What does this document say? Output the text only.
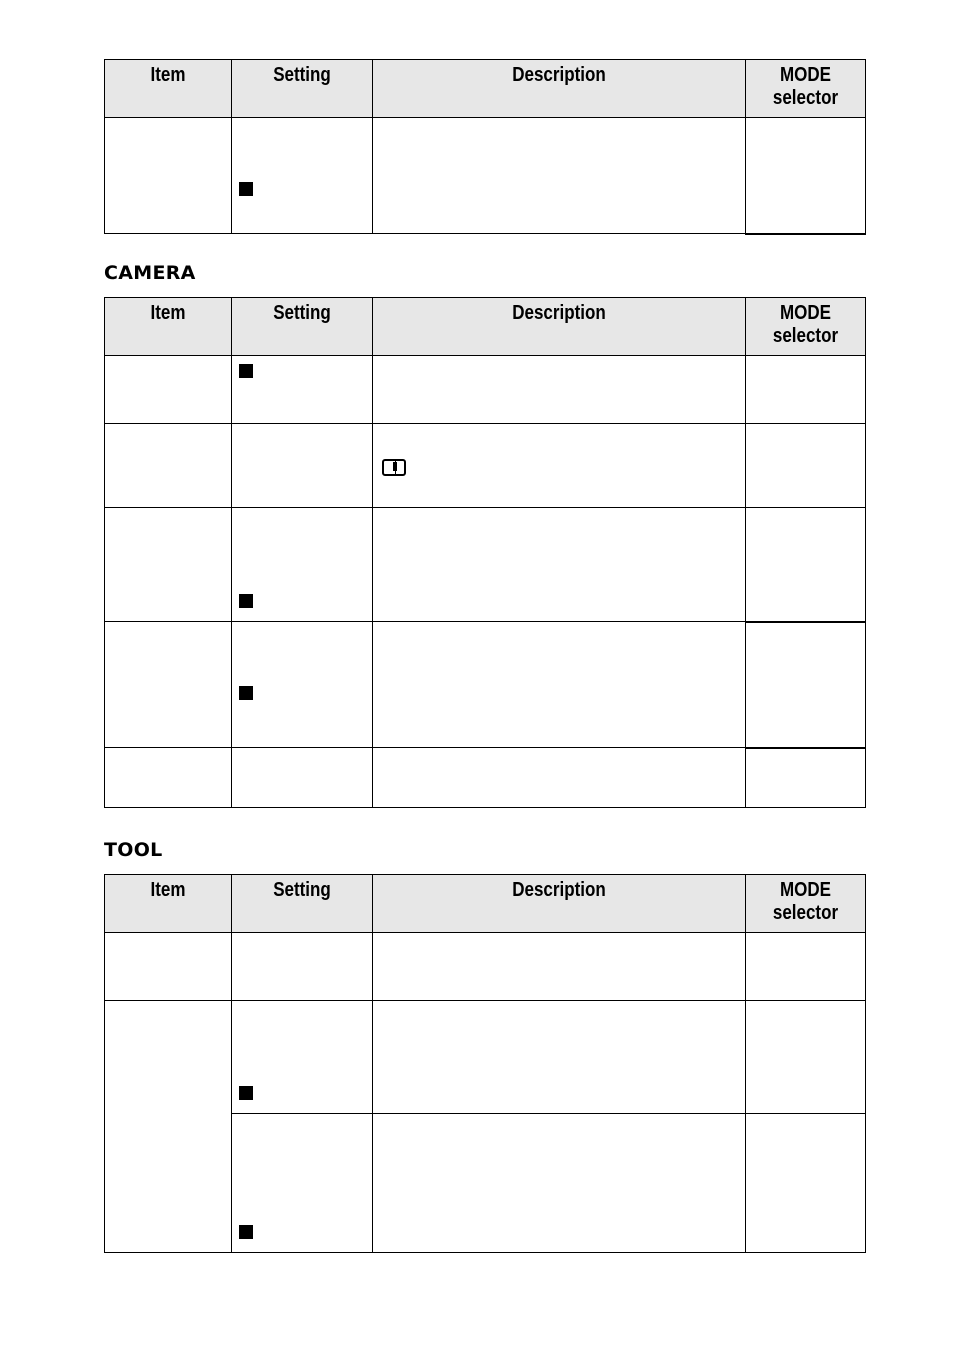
Item	Setting	Description	MODE
selector

CAMERA
Item	Setting	Description	MODE
selector

TOOL
Item	Setting	Description	MODE
selector
